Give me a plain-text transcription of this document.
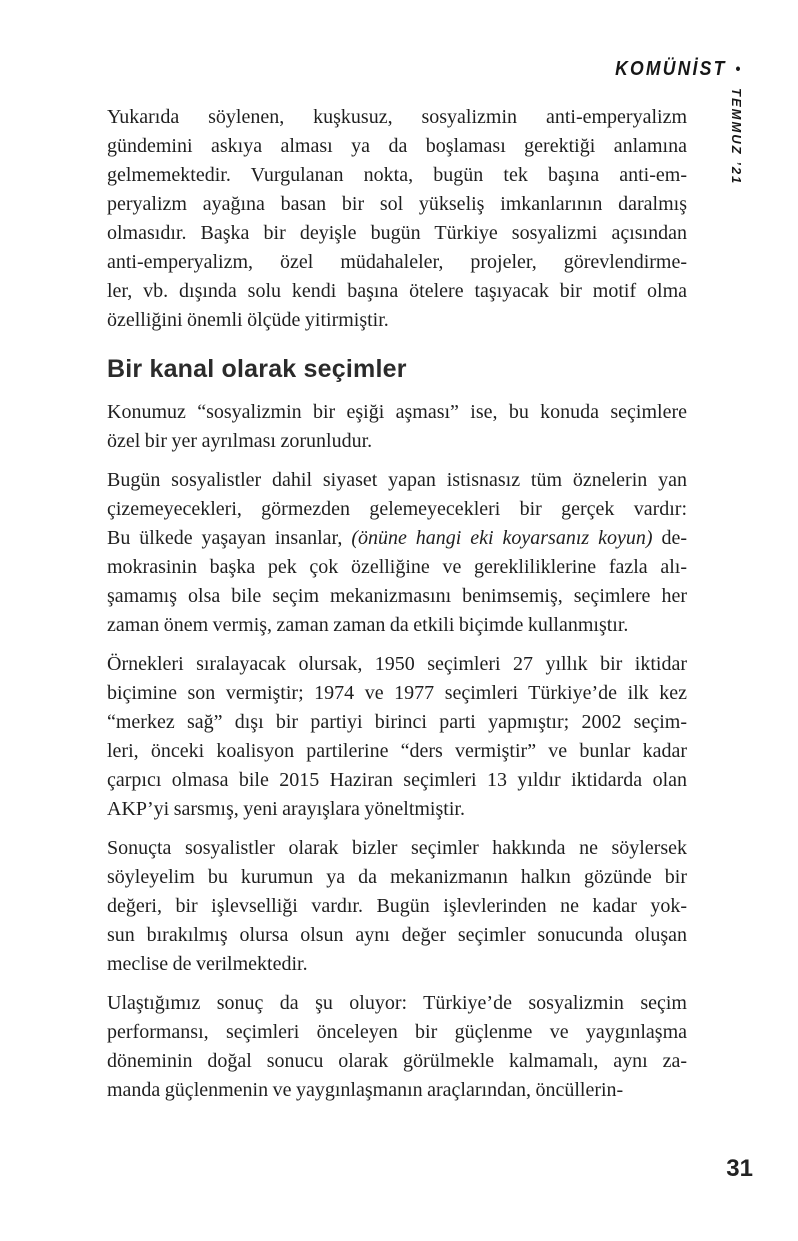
KOMÜNİST •
TEMMUZ ’21

Yukarıda söylenen, kuşkusuz, sosyalizmin anti-emperyalizm
gündemini askıya alması ya da boşlaması gerektiği anlamına
gelmemektedir. Vurgulanan nokta, bugün tek başına anti-em-
peryalizm ayağına basan bir sol yükseliş imkanlarının daralmış
olmasıdır. Başka bir deyişle bugün Türkiye sosyalizmi açısından
anti-emperyalizm, özel müdahaleler, projeler, görevlendirme-
ler, vb. dışında solu kendi başına ötelere taşıyacak bir motif olma
özelliğini önemli ölçüde yitirmiştir.

Bir kanal olarak seçimler

Konumuz “sosyalizmin bir eşiği aşması” ise, bu konuda seçimlere
özel bir yer ayrılması zorunludur.

Bugün sosyalistler dahil siyaset yapan istisnasız tüm öznelerin yan
çizemeyecekleri, görmezden gelemeyecekleri bir gerçek vardır:
Bu ülkede yaşayan insanlar, (önüne hangi eki koyarsanız koyun) de-
mokrasinin başka pek çok özelliğine ve gerekliliklerine fazla alı-
şamamış olsa bile seçim mekanizmasını benimsemiş, seçimlere her
zaman önem vermiş, zaman zaman da etkili biçimde kullanmıştır.

Örnekleri sıralayacak olursak, 1950 seçimleri 27 yıllık bir iktidar
biçimine son vermiştir; 1974 ve 1977 seçimleri Türkiye’de ilk kez
“merkez sağ” dışı bir partiyi birinci parti yapmıştır; 2002 seçim-
leri, önceki koalisyon partilerine “ders vermiştir” ve bunlar kadar
çarpıcı olmasa bile 2015 Haziran seçimleri 13 yıldır iktidarda olan
AKP’yi sarsmış, yeni arayışlara yöneltmiştir.

Sonuçta sosyalistler olarak bizler seçimler hakkında ne söylersek
söyleyelim bu kurumun ya da mekanizmanın halkın gözünde bir
değeri, bir işlevselliği vardır. Bugün işlevlerinden ne kadar yok-
sun bırakılmış olursa olsun aynı değer seçimler sonucunda oluşan
meclise de verilmektedir.

Ulaştığımız sonuç da şu oluyor: Türkiye’de sosyalizmin seçim
performansı, seçimleri önceleyen bir güçlenme ve yaygınlaşma
döneminin doğal sonucu olarak görülmekle kalmamalı, aynı za-
manda güçlenmenin ve yaygınlaşmanın araçlarından, öncüllerin-

31
